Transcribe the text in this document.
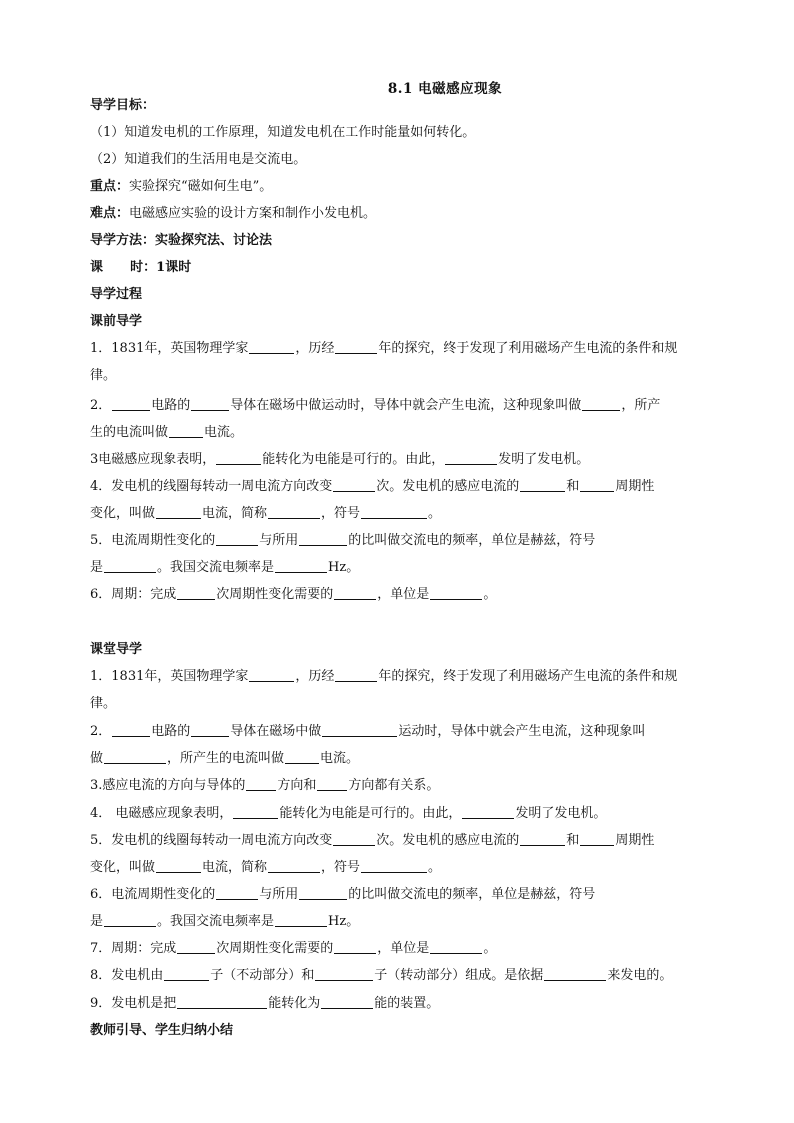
8.1 电磁感应现象
导学目标：
（1）知道发电机的工作原理，知道发电机在工作时能量如何转化。
（2）知道我们的生活用电是交流电。
重点：实验探究“磁如何生电”。
难点：电磁感应实验的设计方案和制作小发电机。
导学方法：实验探究法、讨论法
课      时：1课时
导学过程
课前导学
1．1831年，英国物理学家	，历经	年的探究，终于发现了利用磁场产生电流的条件和规
律。
2．	电路的	导体在磁场中做运动时，导体中就会产生电流，这种现象叫做	，所产
生的电流叫做	电流。
3电磁感应现象表明，	能转化为电能是可行的。由此，	发明了发电机。
4．发电机的线圈每转动一周电流方向改变	次。发电机的感应电流的	和	周期性
变化，叫做	电流，简称	，符号	。
5．电流周期性变化的	与所用	的比叫做交流电的频率，单位是赫兹，符号
是	。我国交流电频率是	Hz。
6．周期：完成	次周期性变化需要的	，单位是	。
课堂导学
1．1831年，英国物理学家	，历经	年的探究，终于发现了利用磁场产生电流的条件和规
律。
2．	电路的	导体在磁场中做	运动时，导体中就会产生电流，这种现象叫
做	，所产生的电流叫做	电流。
3.感应电流的方向与导体的 方向和 方向都有关系。
4． 电磁感应现象表明，	能转化为电能是可行的。由此，	发明了发电机。
5．发电机的线圈每转动一周电流方向改变	次。发电机的感应电流的	和	周期性
变化，叫做	电流，简称	，符号	。
6．电流周期性变化的	与所用	的比叫做交流电的频率，单位是赫兹，符号
是	。我国交流电频率是	Hz。
7．周期：完成	次周期性变化需要的	，单位是	。
8．发电机由	子（不动部分）和	子（转动部分）组成。是依据	来发电的。
9．发电机是把	能转化为	能的装置。
教师引导、学生归纳小结
